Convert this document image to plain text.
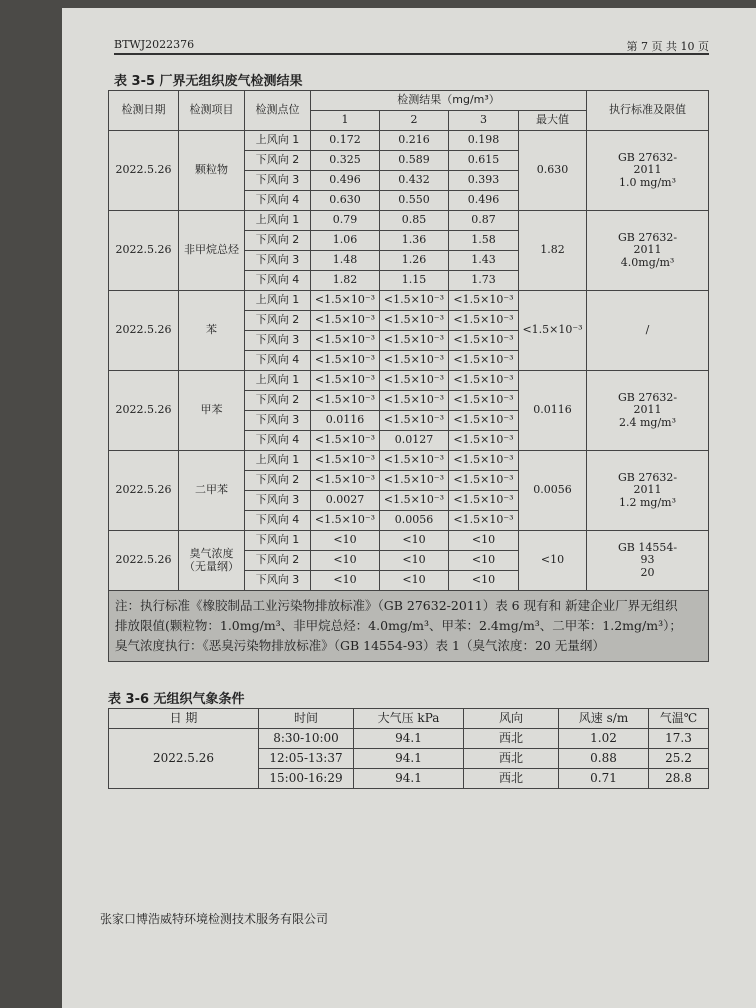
BTWJ2022376	第 7 页 共 10 页
表 3-5 厂界无组织废气检测结果
检测日期	检测项目	检测点位	检测结果（mg/m³）				执行标准及限值
			1	2	3	最大值	
2022.5.26	颗粒物	上风向 1	0.172	0.216	0.198	0.630	GB 27632-
2011
1.0 mg/m³

		下风向 2	0.325	0.589	0.615		
		下风向 3	0.496	0.432	0.393		
		下风向 4	0.630	0.550	0.496		
2022.5.26	非甲烷总烃	上风向 1	0.79	0.85	0.87	1.82	GB 27632-
2011
4.0mg/m³

		下风向 2	1.06	1.36	1.58		
		下风向 3	1.48	1.26	1.43		
		下风向 4	1.82	1.15	1.73		
2022.5.26	苯	上风向 1	<1.5×10⁻³	<1.5×10⁻³	<1.5×10⁻³	<1.5×10⁻³	/

		下风向 2	<1.5×10⁻³	<1.5×10⁻³	<1.5×10⁻³		
		下风向 3	<1.5×10⁻³	<1.5×10⁻³	<1.5×10⁻³		
		下风向 4	<1.5×10⁻³	<1.5×10⁻³	<1.5×10⁻³		
2022.5.26	甲苯	上风向 1	<1.5×10⁻³	<1.5×10⁻³	<1.5×10⁻³	0.0116	GB 27632-
2011
2.4 mg/m³

		下风向 2	<1.5×10⁻³	<1.5×10⁻³	<1.5×10⁻³		
		下风向 3	0.0116	<1.5×10⁻³	<1.5×10⁻³		
		下风向 4	<1.5×10⁻³	0.0127	<1.5×10⁻³		
2022.5.26	二甲苯	上风向 1	<1.5×10⁻³	<1.5×10⁻³	<1.5×10⁻³	0.0056	GB 27632-
2011
1.2 mg/m³

		下风向 2	<1.5×10⁻³	<1.5×10⁻³	<1.5×10⁻³		
		下风向 3	0.0027	<1.5×10⁻³	<1.5×10⁻³		
		下风向 4	<1.5×10⁻³	0.0056	<1.5×10⁻³		
2022.5.26	臭气浓度（无量纲）	下风向 1	<10	<10	<10	<10	GB 14554-
93
20

		下风向 2	<10	<10	<10		
		下风向 3	<10	<10	<10		

注：执行标准《橡胶制品工业污染物排放标准》（GB 27632-2011）表 6 现有和 新建企业厂界无组织
排放限值(颗粒物：1.0mg/m³、非甲烷总烃：4.0mg/m³、甲苯：2.4mg/m³、二甲苯：1.2mg/m³）；
臭气浓度执行：《恶臭污染物排放标准》（GB 14554-93）表 1（臭气浓度：20 无量纲）							
表 3-6 无组织气象条件
日 期	时间	大气压 kPa	风向	风速 s/m	气温℃
2022.5.26	8:30-10:00	94.1	西北	1.02	17.3
	12:05-13:37	94.1	西北	0.88	25.2
	15:00-16:29	94.1	西北	0.71	28.8
张家口博浩威特环境检测技术服务有限公司
